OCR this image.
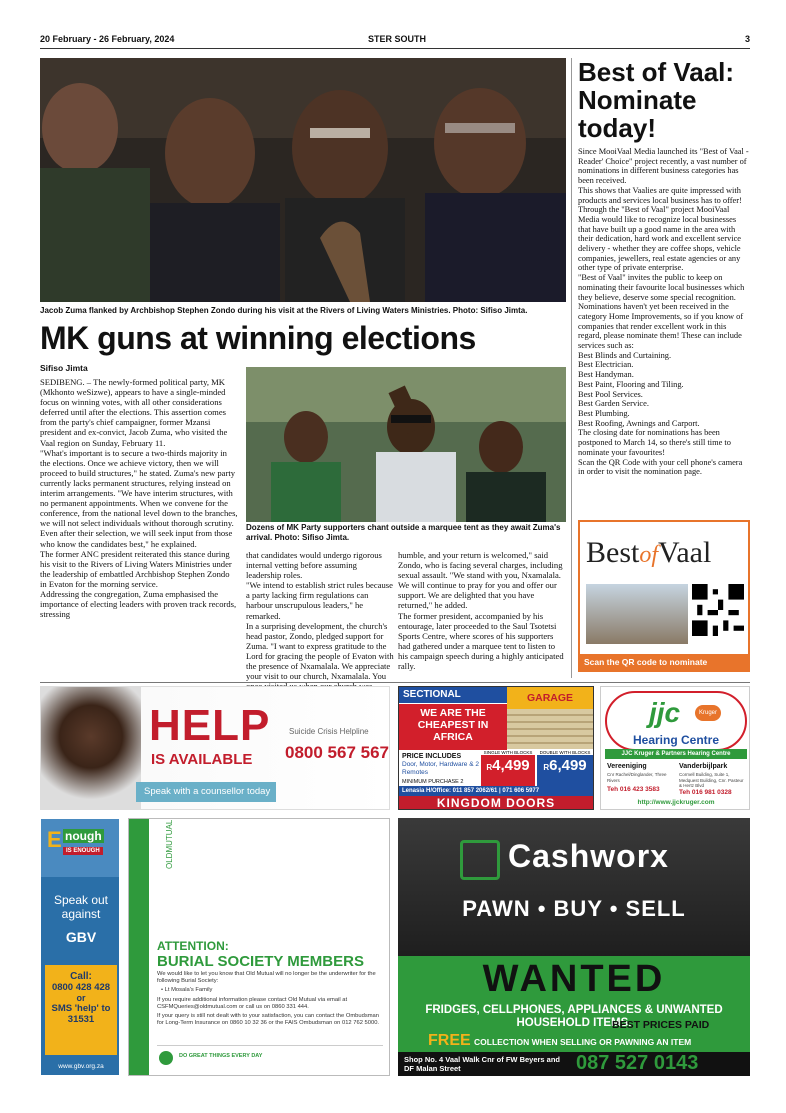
20 February - 26 February, 2024	STER SOUTH	3
Jacob Zuma flanked by Archbishop Stephen Zondo during his visit at the Rivers of Living Waters Ministries. Photo: Sifiso Jimta.
MK guns at winning elections
Sifiso Jimta
Dozens of MK Party supporters chant outside a marquee tent as they await Zuma's arrival. Photo: Sifiso Jimta.

SEDIBENG. – The newly-formed political party, MK (Mkhonto weSizwe), appears to have a single-minded focus on winning votes, with all other considerations deferred until after the elections. This assertion comes from the party's chief campaigner, former Mzansi president and ex-convict, Jacob Zuma, who visited the Vaal region on Sunday, February 11.

"What's important is to secure a two-thirds majority in the elections. Once we achieve victory, then we will proceed to build structures," he stated. Zuma's new party currently lacks permanent structures, relying instead on interim arrangements. "We have interim structures, with no permanent appointments. When we convene for the conference, from the national level down to the branches, we will not select individuals without thorough scrutiny. Even after their selection, we will seek input from those who know the candidates best," he explained.

The former ANC president reiterated this stance during his visit to the Rivers of Living Waters Ministries under the leadership of embattled Archbishop Stephen Zondo in Evaton for the morning service.

Addressing the congregation, Zuma emphasised the importance of electing leaders with proven track records, stressing

that candidates would undergo rigorous internal vetting before assuming leadership roles.

"We intend to establish strict rules because a party lacking firm regulations can harbour unscrupulous leaders," he remarked.

In a surprising development, the church's head pastor, Zondo, pledged support for Zuma. "I want to express gratitude to the Lord for gracing the people of Evaton with the presence of Nxamalala. We appreciate your visit to our church, Nxamalala. You

humble, and your return is welcomed," said Zondo, who is facing several charges, including sexual assault. "We stand with you, Nxamalala.

We will continue to pray for you and offer our support. We are delighted that you have returned," he added.

The former president, accompanied by his entourage, later proceeded to the Saul Tsotetsi Sports Centre, where scores of his supporters had gathered under a marquee tent to listen to his campaign speech during a highly anticipated rally.

Best of Vaal: Nominate today!

Since MooiVaal Media launched its "Best of Vaal - Reader' Choice" project recently, a vast number of nominations in different business categories has been received.

This shows that Vaalies are quite impressed with products and services local business has to offer!

Through the "Best of Vaal" project MooiVaal Media would like to recognize local businesses that have built up a good name in the area with their dedication, hard work and excellent service delivery - whether they are coffee shops, vehicle companies, jewellers, real estate agencies or any other type of private enterprise.

"Best of Vaal" invites the public to keep on nominating their favourite local businesses which they believe, deserve some special recognition. Nominations haven't yet been received in the category Home Improvements, so if you know of companies that render excellent work in this regard, please nominate them! These can include services such as:

Best Blinds and Curtaining.

Best Electrician.

Best Handyman.

Best Paint, Flooring and Tiling.

Best Pool Services.

Best Garden Service.

Best Plumbing.

Best Roofing, Awnings and Carport.

The closing date for nominations has been postponed to March 14, so there's still time to nominate your favourites!

Scan the QR Code with your cell phone's camera in order to visit the nomination page.

BestofVaal
Scan the QR code to nominate
HELP
IS AVAILABLE
Speak with a counsellor today
Suicide Crisis Helpline
0800 567 567
SECTIONAL	GARAGE
WE ARE THE CHEAPEST IN AFRICA
PRICE INCLUDES
Door, Motor, Hardware & 2 Remotes
MINIMUM PURCHASE 2
SINGLE WITH BLOCKS
R4,499
DOUBLE WITH BLOCKS
R6,499
Lenasia H/Office: 011 857 2062/61 | 071 606 5977
KINGDOM DOORS
jjc	Kruger
Hearing Centre
JJC Kruger & Partners Hearing Centre
Vereeniging
Cnr Rachel/Dinglander, Three Rivers
Teh 016 423 3583
Vanderbijlpark
Cormell Building, Suite 1, Medquest Building, Cnr. Pasteur & Hertz Blvd
Teh 016 981 0328
http://www.jjckruger.com
E nough
IS ENOUGH
Speak out against
GBV
Call:
0800 428 428
or
SMS 'help' to 31531
www.gbv.org.za
OLDMUTUAL
ATTENTION:
BURIAL SOCIETY MEMBERS
We would like to let you know that Old Mutual will no longer be the underwriter for the following Burial Society:
• Lt Mosala's Family
If you require additional information please contact Old Mutual via email at CSFMQueries@oldmutual.com or call us on 0860 331 444.
If your query is still not dealt with to your satisfaction, you can contact the Ombudsman for Long-Term Insurance on 0860 10 32 36 or the FAIS Ombudsman on 012 762 5000.
DO GREAT THINGS EVERY DAY
Cashworx
PAWN • BUY • SELL
WANTED
FRIDGES, CELLPHONES, APPLIANCES & UNWANTED HOUSEHOLD ITEMS.
BEST PRICES PAID
FREE COLLECTION WHEN SELLING OR PAWNING AN ITEM
Shop No. 4 Vaal Walk Cnr of FW Beyers and DF Malan Street	087 527 0143
